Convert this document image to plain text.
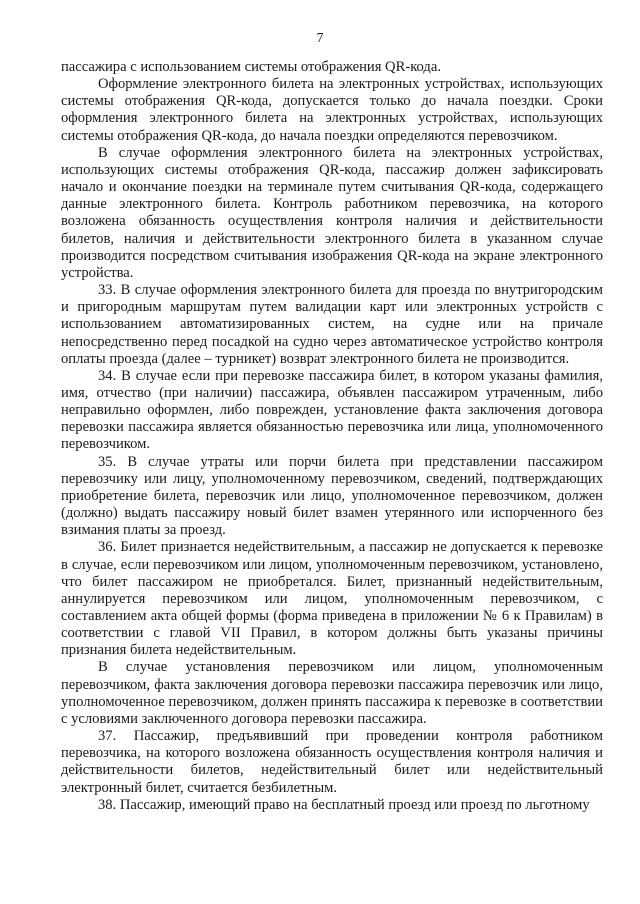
7

пассажира с использованием системы отображения QR-кода.

Оформление электронного билета на электронных устройствах, использующих системы отображения QR-кода, допускается только до начала поездки. Сроки оформления электронного билета на электронных устройствах, использующих системы отображения QR-кода, до начала поездки определяются перевозчиком.

В случае оформления электронного билета на электронных устройствах, использующих системы отображения QR-кода, пассажир должен зафиксировать начало и окончание поездки на терминале путем считывания QR-кода, содержащего данные электронного билета. Контроль работником перевозчика, на которого возложена обязанность осуществления контроля наличия и действительности билетов, наличия и действительности электронного билета в указанном случае производится посредством считывания изображения QR-кода на экране электронного устройства.

33. В случае оформления электронного билета для проезда по внутригородским и пригородным маршрутам путем валидации карт или электронных устройств с использованием автоматизированных систем, на судне или на причале непосредственно перед посадкой на судно через автоматическое устройство контроля оплаты проезда (далее – турникет) возврат электронного билета не производится.

34. В случае если при перевозке пассажира билет, в котором указаны фамилия, имя, отчество (при наличии) пассажира, объявлен пассажиром утраченным, либо неправильно оформлен, либо поврежден, установление факта заключения договора перевозки пассажира является обязанностью перевозчика или лица, уполномоченного перевозчиком.

35. В случае утраты или порчи билета при представлении пассажиром перевозчику или лицу, уполномоченному перевозчиком, сведений, подтверждающих приобретение билета, перевозчик или лицо, уполномоченное перевозчиком, должен (должно) выдать пассажиру новый билет взамен утерянного или испорченного без взимания платы за проезд.

36. Билет признается недействительным, а пассажир не допускается к перевозке в случае, если перевозчиком или лицом, уполномоченным перевозчиком, установлено, что билет пассажиром не приобретался. Билет, признанный недействительным, аннулируется перевозчиком или лицом, уполномоченным перевозчиком, с составлением акта общей формы (форма приведена в приложении № 6 к Правилам) в соответствии с главой VII Правил, в котором должны быть указаны причины признания билета недействительным.

В случае установления перевозчиком или лицом, уполномоченным перевозчиком, факта заключения договора перевозки пассажира перевозчик или лицо, уполномоченное перевозчиком, должен принять пассажира к перевозке в соответствии с условиями заключенного договора перевозки пассажира.

37. Пассажир, предъявивший при проведении контроля работником перевозчика, на которого возложена обязанность осуществления контроля наличия и действительности билетов, недействительный билет или недействительный электронный билет, считается безбилетным.

38. Пассажир, имеющий право на бесплатный проезд или проезд по льготному
